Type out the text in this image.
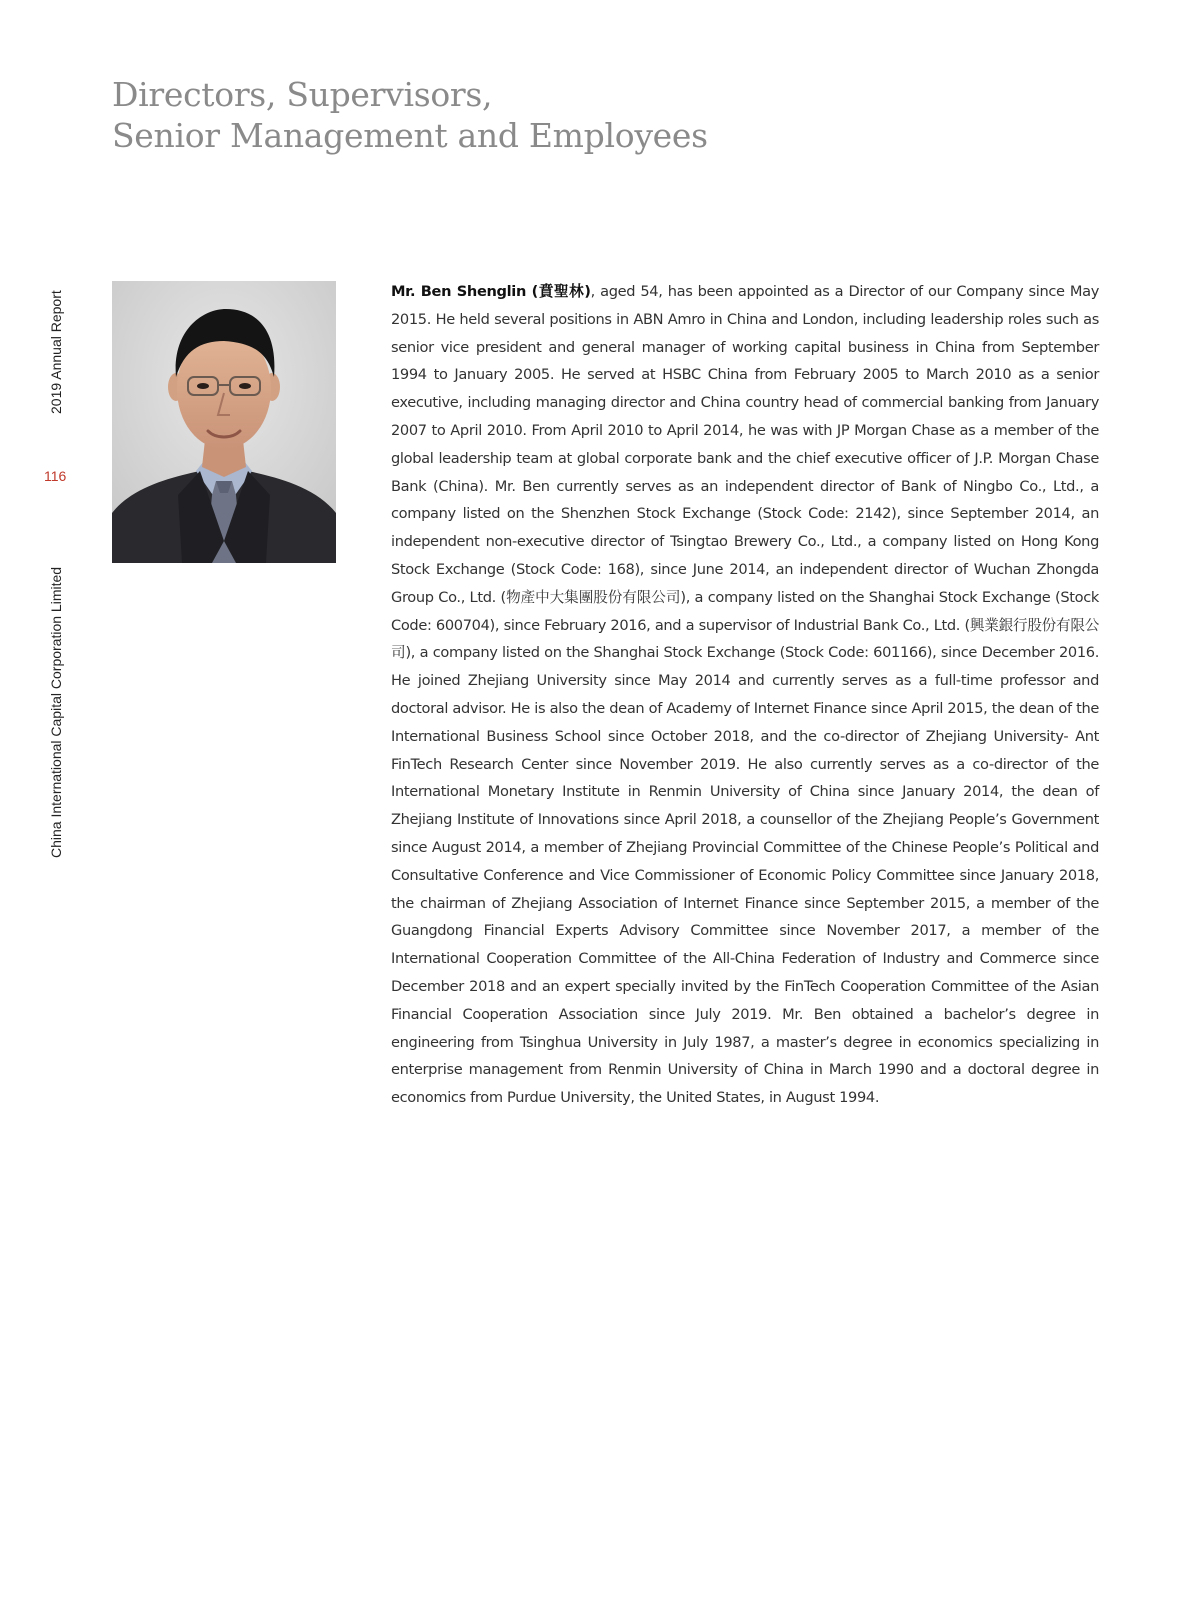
Directors, Supervisors,
Senior Management and Employees
2019 Annual Report
116
China International Capital Corporation Limited

Mr. Ben Shenglin (賁聖林), aged 54, has been appointed as a Director of our Company since May 2015. He held several positions in ABN Amro in China and London, including leadership roles such as senior vice president and general manager of working capital business in China from September 1994 to January 2005. He served at HSBC China from February 2005 to March 2010 as a senior executive, including managing director and China country head of commercial banking from January 2007 to April 2010. From April 2010 to April 2014, he was with JP Morgan Chase as a member of the global leadership team at global corporate bank and the chief executive officer of J.P. Morgan Chase Bank (China). Mr. Ben currently serves as an independent director of Bank of Ningbo Co., Ltd., a company listed on the Shenzhen Stock Exchange (Stock Code: 2142), since September 2014, an independent non-executive director of Tsingtao Brewery Co., Ltd., a company listed on Hong Kong Stock Exchange (Stock Code: 168), since June 2014, an independent director of Wuchan Zhongda Group Co., Ltd. (物產中大集團股份有限公司), a company listed on the Shanghai Stock Exchange (Stock Code: 600704), since February 2016, and a supervisor of Industrial Bank Co., Ltd. (興業銀行股份有限公司), a company listed on the Shanghai Stock Exchange (Stock Code: 601166), since December 2016. He joined Zhejiang University since May 2014 and currently serves as a full-time professor and doctoral advisor. He is also the dean of Academy of Internet Finance since April 2015, the dean of the International Business School since October 2018, and the co-director of Zhejiang University- Ant FinTech Research Center since November 2019. He also currently serves as a co-director of the International Monetary Institute in Renmin University of China since January 2014, the dean of Zhejiang Institute of Innovations since April 2018, a counsellor of the Zhejiang People’s Government since August 2014, a member of Zhejiang Provincial Committee of the Chinese People’s Political and Consultative Conference and Vice Commissioner of Economic Policy Committee since January 2018, the chairman of Zhejiang Association of Internet Finance since September 2015, a member of the Guangdong Financial Experts Advisory Committee since November 2017, a member of the International Cooperation Committee of the All-China Federation of Industry and Commerce since December 2018 and an expert specially invited by the FinTech Cooperation Committee of the Asian Financial Cooperation Association since July 2019. Mr. Ben obtained a bachelor’s degree in engineering from Tsinghua University in July 1987, a master’s degree in economics specializing in enterprise management from Renmin University of China in March 1990 and a doctoral degree in economics from Purdue University, the United States, in August 1994.
